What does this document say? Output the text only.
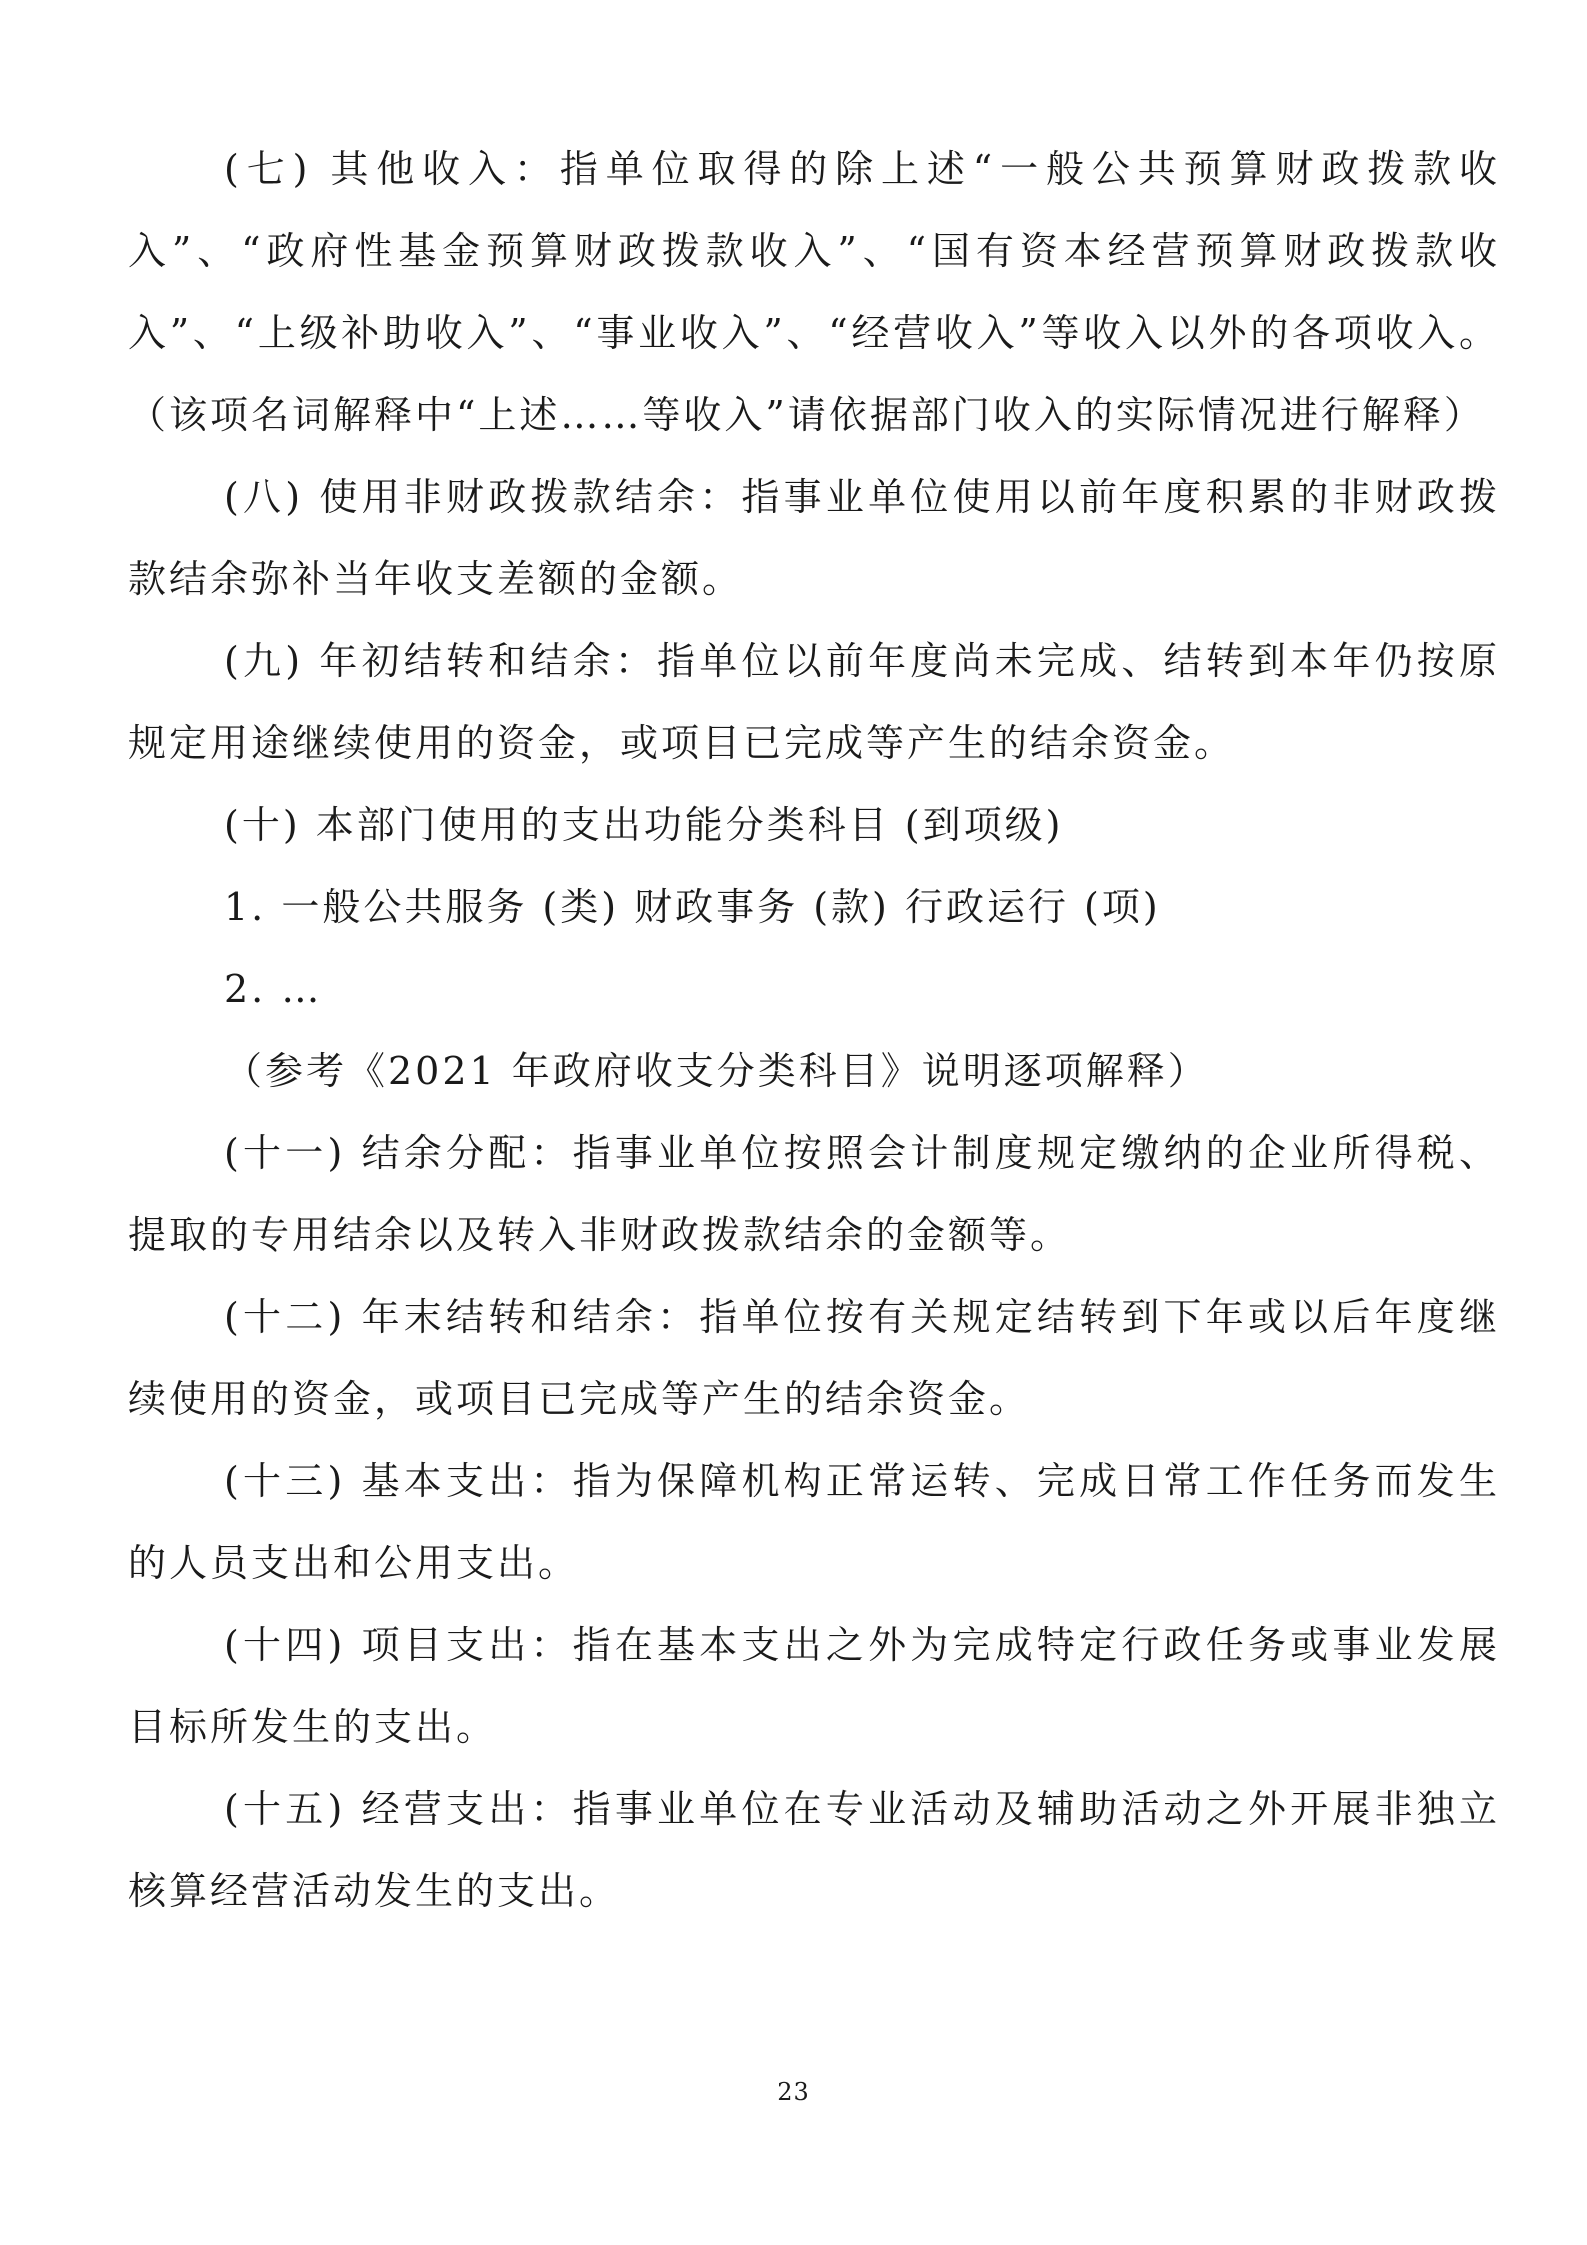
(七) 其他收入：指单位取得的除上述“一般公共预算财政拨款收入”、“政府性基金预算财政拨款收入”、“国有资本经营预算财政拨款收入”、“上级补助收入”、“事业收入”、“经营收入”等收入以外的各项收入。（该项名词解释中“上述……等收入”请依据部门收入的实际情况进行解释）

(八) 使用非财政拨款结余：指事业单位使用以前年度积累的非财政拨款结余弥补当年收支差额的金额。

(九) 年初结转和结余：指单位以前年度尚未完成、结转到本年仍按原规定用途继续使用的资金，或项目已完成等产生的结余资金。

(十) 本部门使用的支出功能分类科目 (到项级)

1. 一般公共服务 (类) 财政事务 (款) 行政运行 (项)

2. …

（参考《2021 年政府收支分类科目》说明逐项解释）

(十一) 结余分配：指事业单位按照会计制度规定缴纳的企业所得税、提取的专用结余以及转入非财政拨款结余的金额等。

(十二) 年末结转和结余：指单位按有关规定结转到下年或以后年度继续使用的资金，或项目已完成等产生的结余资金。

(十三) 基本支出：指为保障机构正常运转、完成日常工作任务而发生的人员支出和公用支出。

(十四) 项目支出：指在基本支出之外为完成特定行政任务或事业发展目标所发生的支出。

(十五) 经营支出：指事业单位在专业活动及辅助活动之外开展非独立核算经营活动发生的支出。

23
